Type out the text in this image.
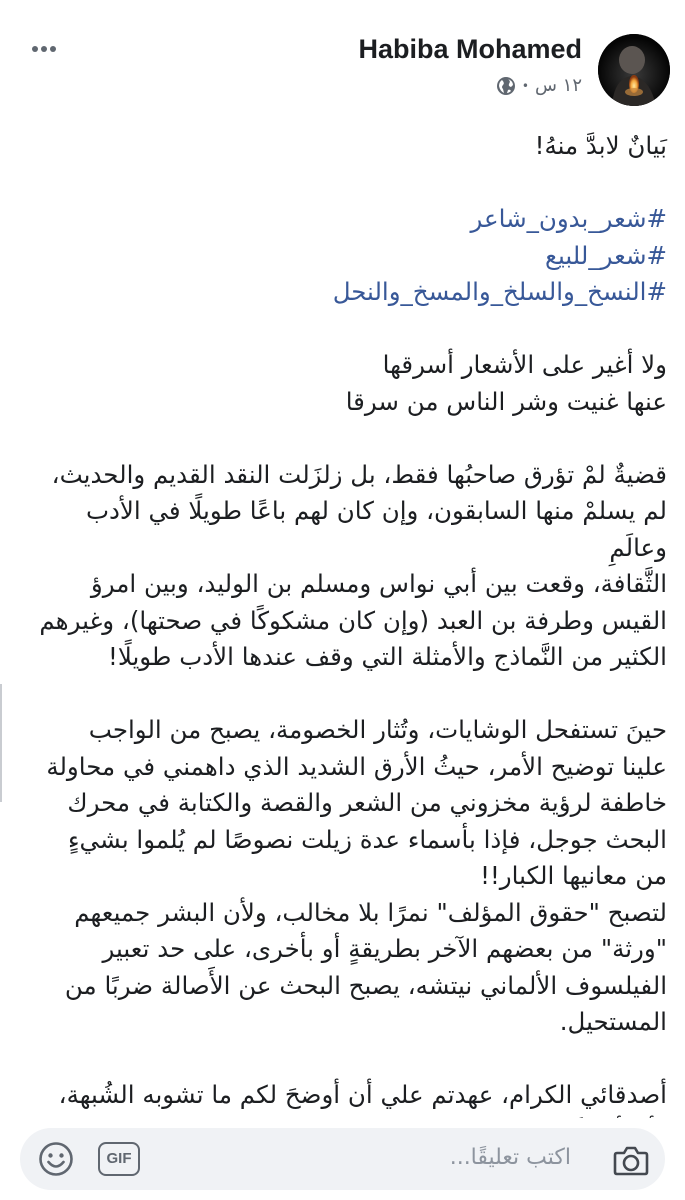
Habiba Mohamed
١٢ س
•

بَيانٌ لابدَّ منهُ!

#شعر_بدون_شاعر

#شعر_للبيع

#النسخ_والسلخ_والمسخ_والنحل

ولا أغير على الأشعار أسرقها

عنها غنيت وشر الناس من سرقا

قضيةٌ لمْ تؤرق صاحبُها فقط، بل زلزَلت النقد القديم والحديث،

لم يسلمْ منها السابقون، وإن كان لهم باعًا طويلًا في الأدب وعالَمِ

الثَّقافة، وقعت بين أبي نواس ومسلم بن الوليد، وبين امرؤ

القيس وطرفة بن العبد (وإن كان مشكوكًا في صحتها)، وغيرهم

الكثير من النَّماذج والأمثلة التي وقف عندها الأدب طويلًا!

حينَ تستفحل الوشايات، وتُثار الخصومة، يصبح من الواجب

علينا توضيح الأمر، حيثُ الأرق الشديد الذي داهمني في محاولة

خاطفة لرؤية مخزوني من الشعر والقصة والكتابة في محرك

البحث جوجل، فإذا بأسماء عدة زيلت نصوصًا لم يُلموا بشيءٍ

من معانيها الكبار!!

لتصبح "حقوق المؤلف" نمرًا بلا مخالب، ولأن البشر جميعهم

"ورثة" من بعضهم الآخر بطريقةٍ أو بأخرى، على حد تعبير

الفيلسوف الألماني نيتشه، يصبح البحث عن الأَصالة ضربًا من

المستحيل.

أصدقائي الكرام، عهدتم علي أن أوضحَ لكم ما تشوبه الشُبهة،

اكتب تعليقًا...
GIF
